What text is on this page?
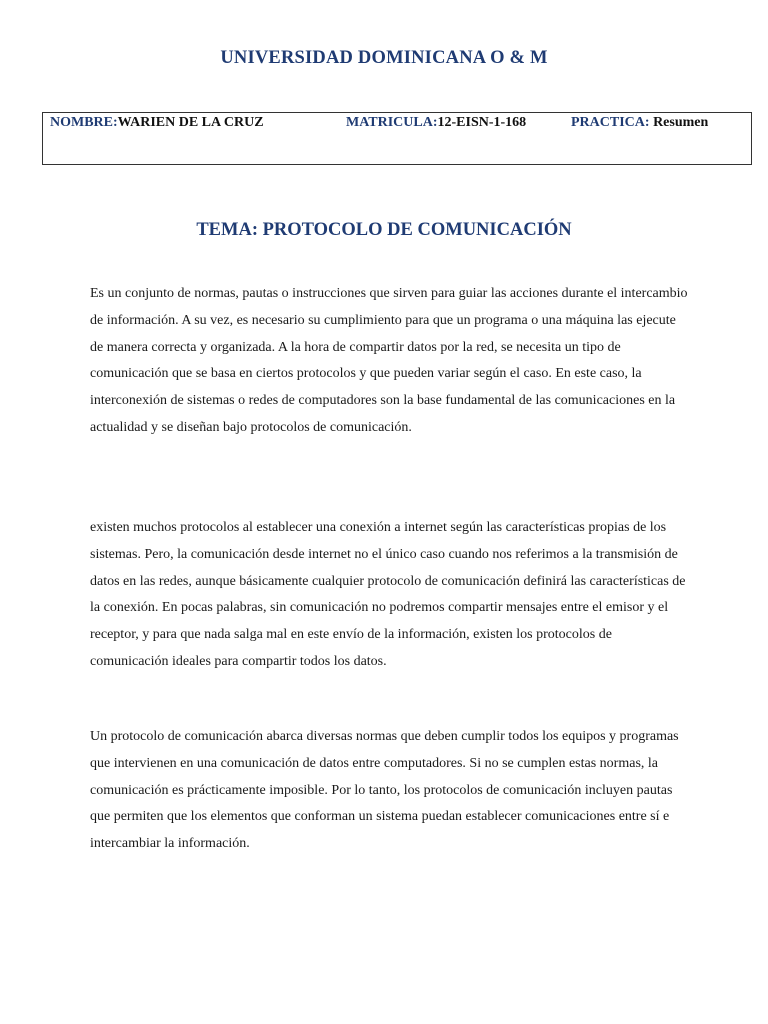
UNIVERSIDAD DOMINICANA O & M
NOMBRE:WARIEN DE LA CRUZ	MATRICULA:12-EISN-1-168	PRACTICA: Resumen
TEMA: PROTOCOLO DE COMUNICACIÓN

Es un conjunto de normas, pautas o instrucciones que sirven para guiar las acciones durante el intercambio de información. A su vez, es necesario su cumplimiento para que un programa o una máquina las ejecute de manera correcta y organizada. A la hora de compartir datos por la red, se necesita un tipo de comunicación que se basa en ciertos protocolos y que pueden variar según el caso. En este caso, la interconexión de sistemas o redes de computadores son la base fundamental de las comunicaciones en la actualidad y se diseñan bajo protocolos de comunicación.

existen muchos protocolos al establecer una conexión a internet según las características propias de los sistemas. Pero, la comunicación desde internet no el único caso cuando nos referimos a la transmisión de datos en las redes, aunque básicamente cualquier protocolo de comunicación definirá las características de la conexión. En pocas palabras, sin comunicación no podremos compartir mensajes entre el emisor y el receptor, y para que nada salga mal en este envío de la información, existen los protocolos de comunicación ideales para compartir todos los datos.

Un protocolo de comunicación abarca diversas normas que deben cumplir todos los equipos y programas que intervienen en una comunicación de datos entre computadores. Si no se cumplen estas normas, la comunicación es prácticamente imposible. Por lo tanto, los protocolos de comunicación incluyen pautas que permiten que los elementos que conforman un sistema puedan establecer comunicaciones entre sí e intercambiar la información.
